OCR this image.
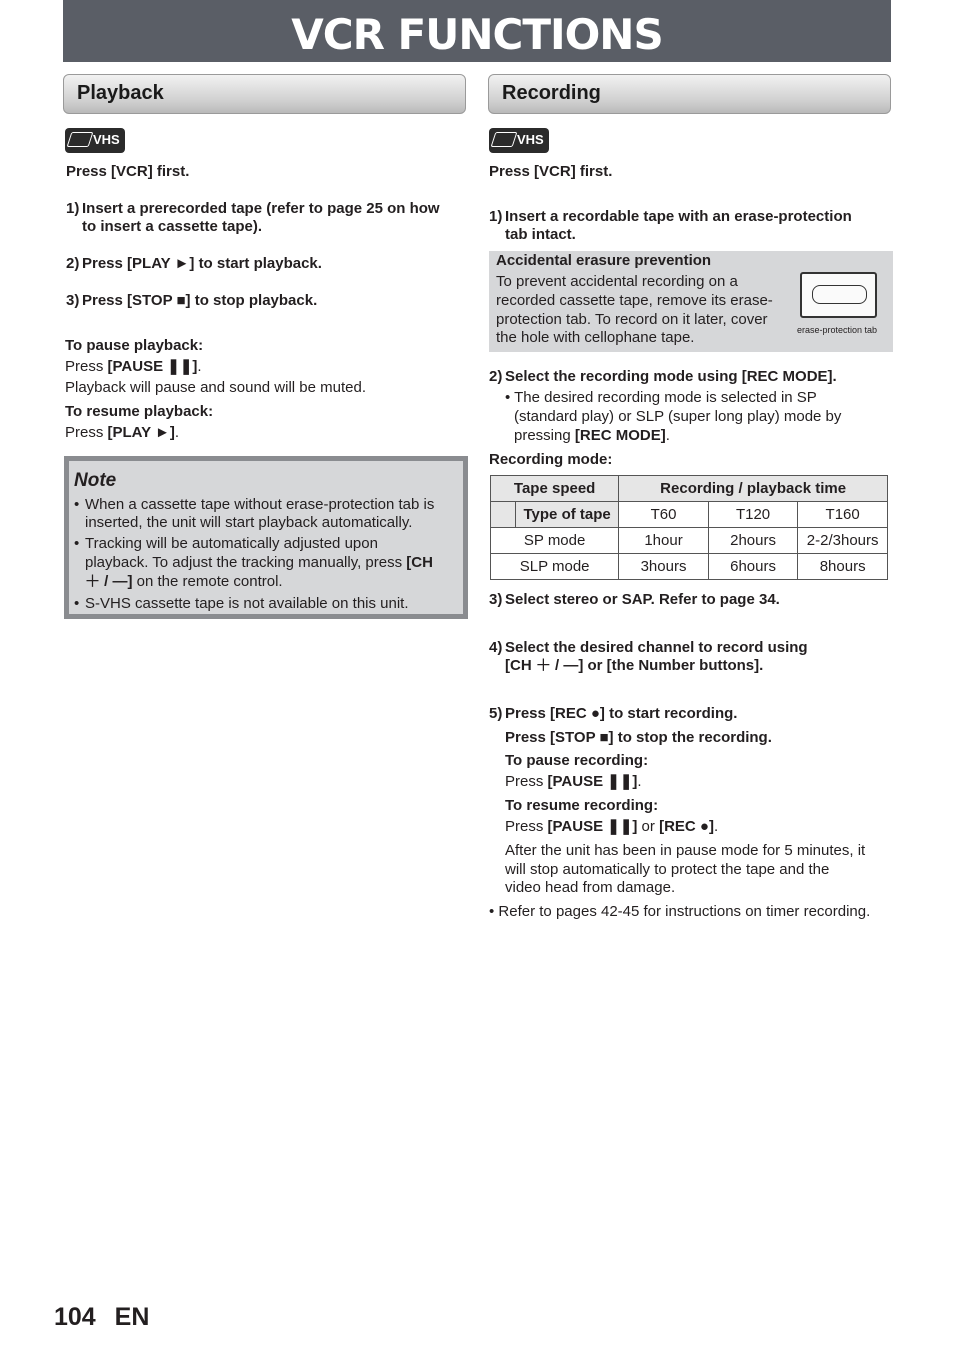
VCR FUNCTIONS
Playback
VHS
Press [VCR] first.
1) Insert a prerecorded tape (refer to page 25 on how
to insert a cassette tape).
2) Press [PLAY ►] to start playback.
3) Press [STOP ■] to stop playback.
To pause playback:
Press [PAUSE ❚❚].
Playback will pause and sound will be muted.
To resume playback:
Press [PLAY ►].
Note
• When a cassette tape without erase-protection tab is
inserted, the unit will start playback automatically.
• Tracking will be automatically adjusted upon
playback. To adjust the tracking manually, press [CH
＋ / —] on the remote control.
• S-VHS cassette tape is not available on this unit.
Recording
VHS
Press [VCR] first.
1) Insert a recordable tape with an erase-protection
tab intact.
Accidental erasure prevention
To prevent accidental recording on a
recorded cassette tape, remove its erase-
protection tab. To record on it later, cover
the hole with cellophane tape.	erase-protection tab
2) Select the recording mode using [REC MODE].
• The desired recording mode is selected in SP
(standard play) or SLP (super long play) mode by
pressing [REC MODE].
Recording mode:
Tape speed	Recording / playback time		

Type of tape	T60	T120	T160
SP mode	1hour	2hours	2-2/3hours
SLP mode	3hours	6hours	8hours
3) Select stereo or SAP. Refer to page 34.
4) Select the desired channel to record using
[CH ＋ / —] or [the Number buttons].
5) Press [REC ●] to start recording.
Press [STOP ■] to stop the recording.
To pause recording:
Press [PAUSE ❚❚].
To resume recording:
Press [PAUSE ❚❚] or [REC ●].
After the unit has been in pause mode for 5 minutes, it
will stop automatically to protect the tape and the
video head from damage.
• Refer to pages 42-45 for instructions on timer recording.
104 EN
